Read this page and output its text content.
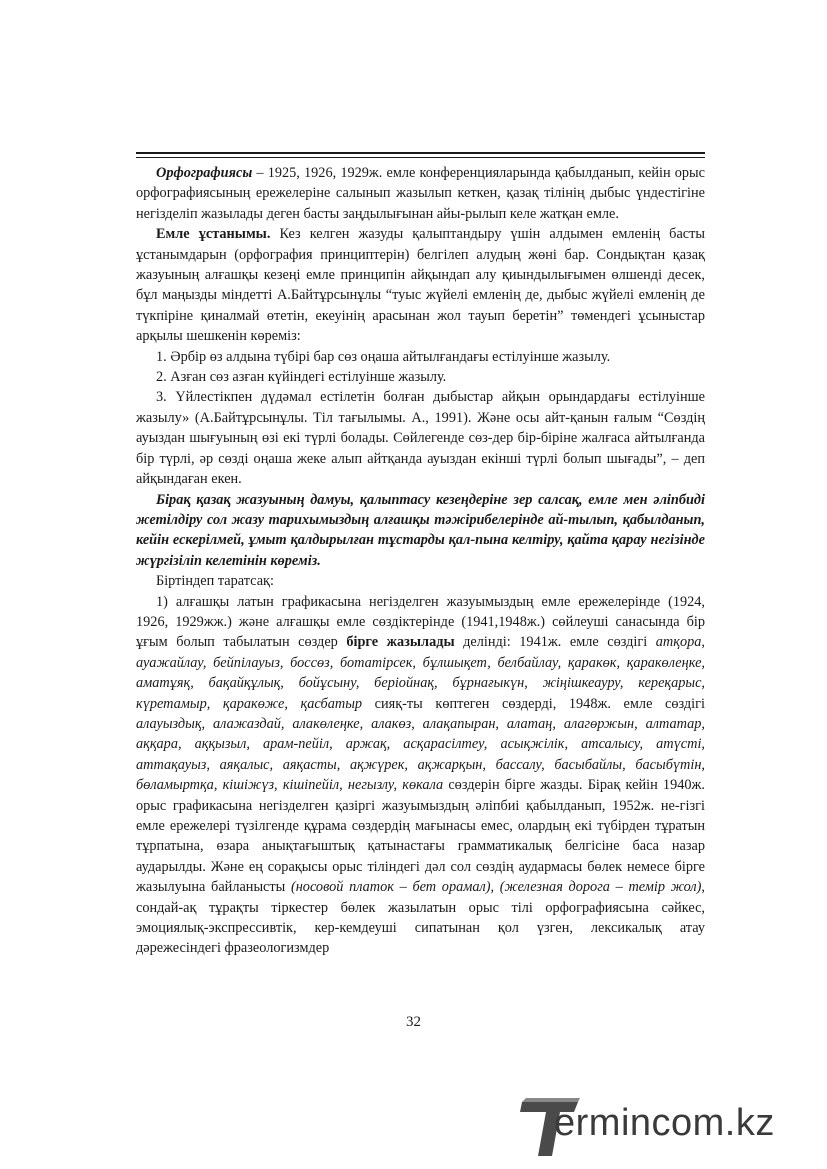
Орфографиясы – 1925, 1926, 1929ж. емле конференцияларында қабылданып, кейін орыс орфографиясының ережелеріне салынып жазылып кеткен, қазақ тілінің дыбыс үндестігіне негізделіп жазылады деген басты заңдылығынан айы-рылып келе жатқан емле.

Емле ұстанымы. Кез келген жазуды қалыптандыру үшін алдымен емленің басты ұстанымдарын (орфография принциптерін) белгілеп алудың жөні бар. Сондықтан қазақ жазуының алғашқы кезеңі емле принципін айқындап алу қиындылығымен өлшенді десек, бұл маңызды міндетті А.Байтұрсынұлы “туыс жүйелі емленің де, дыбыс жүйелі емленің де түкпіріне қиналмай өтетін, екеуінің арасынан жол тауып беретін” төмендегі ұсыныстар арқылы шешкенін көреміз:

1. Әрбір өз алдына түбірі бар сөз оңаша айтылғандағы естілуінше жазылу.

2. Азған сөз азған күйіндегі естілуінше жазылу.

3. Үйлестікпен дүдәмал естілетін болған дыбыстар айқын орындардағы естілуінше жазылу» (А.Байтұрсынұлы. Тіл тағылымы. А., 1991). Және осы айт-қанын ғалым “Сөздің ауыздан шығуының өзі екі түрлі болады. Сөйлегенде сөз-дер бір-біріне жалғаса айтылғанда бір түрлі, әр сөзді оңаша жеке алып айтқанда ауыздан екінші түрлі болып шығады”, – деп айқындаған екен.

Бірақ қазақ жазуының дамуы, қалыптасу кезеңдеріне зер салсақ, емле мен әліпбиді жетілдіру сол жазу тарихымыздың алғашқы тәжірибелерінде ай-тылып, қабылданып, кейін ескерілмей, ұмыт қалдырылған тұстарды қал-пына келтіру, қайта қарау негізінде жүргізіліп келетінін көреміз.

Біртіндеп таратсақ:

1) алғашқы латын графикасына негізделген жазуымыздың емле ережелерінде (1924, 1926, 1929жж.) және алғашқы емле сөздіктерінде (1941,1948ж.) сөйлеуші санасында бір ұғым болып табылатын сөздер бірге жазылады делінді: 1941ж. емле сөздігі атқора, ауажайлау, бейпілауыз, боссөз, ботатірсек, бұлшықет, белбайлау, қаракөк, қаракөлеңке, аматұяқ, бақайқұлық, бойұсыну, беріойнақ, бұрнағыкүн, жіңішкеауру, кереқарыс, күретамыр, қаракөже, қасбатыр сияқ-ты көптеген сөздерді, 1948ж. емле сөздігі алауыздық, алажаздай, алакөлеңке, алакөз, алақапыран, алатаң, алагөржын, алтатар, аққара, аққызыл, арам-пейіл, аржақ, асқарасілтеу, асықжілік, атсалысу, атүсті, аттақауыз, аяқалыс, аяқасты, ақжүрек, ақжарқын, бассалу, басыбайлы, басыбүтін, бөламыртқа, кішіжүз, кішіпейіл, негызлу, көкала сөздерін бірге жазды. Бірақ кейін 1940ж. орыс графикасына негізделген қазіргі жазуымыздың әліпбиі қабылданып, 1952ж. не-гізгі емле ережелері түзілгенде құрама сөздердің мағынасы емес, олардың екі түбірден тұратын тұрпатына, өзара анықтағыштық қатынастағы грамматикалық белгісіне баса назар аударылды. Және ең сорақысы орыс тіліндегі дәл сол сөздің аудармасы бөлек немесе бірге жазылуына байланысты (носовой платок – бет орамал), (железная дорога – темір жол), сондай-ақ тұрақты тіркестер бөлек жазылатын орыс тілі орфографиясына сәйкес, эмоциялық-экспрессивтік, кер-кемдеуші сипатынан қол үзген, лексикалық атау дәрежесіндегі фразеологизмдер

32
ermincom.kz
